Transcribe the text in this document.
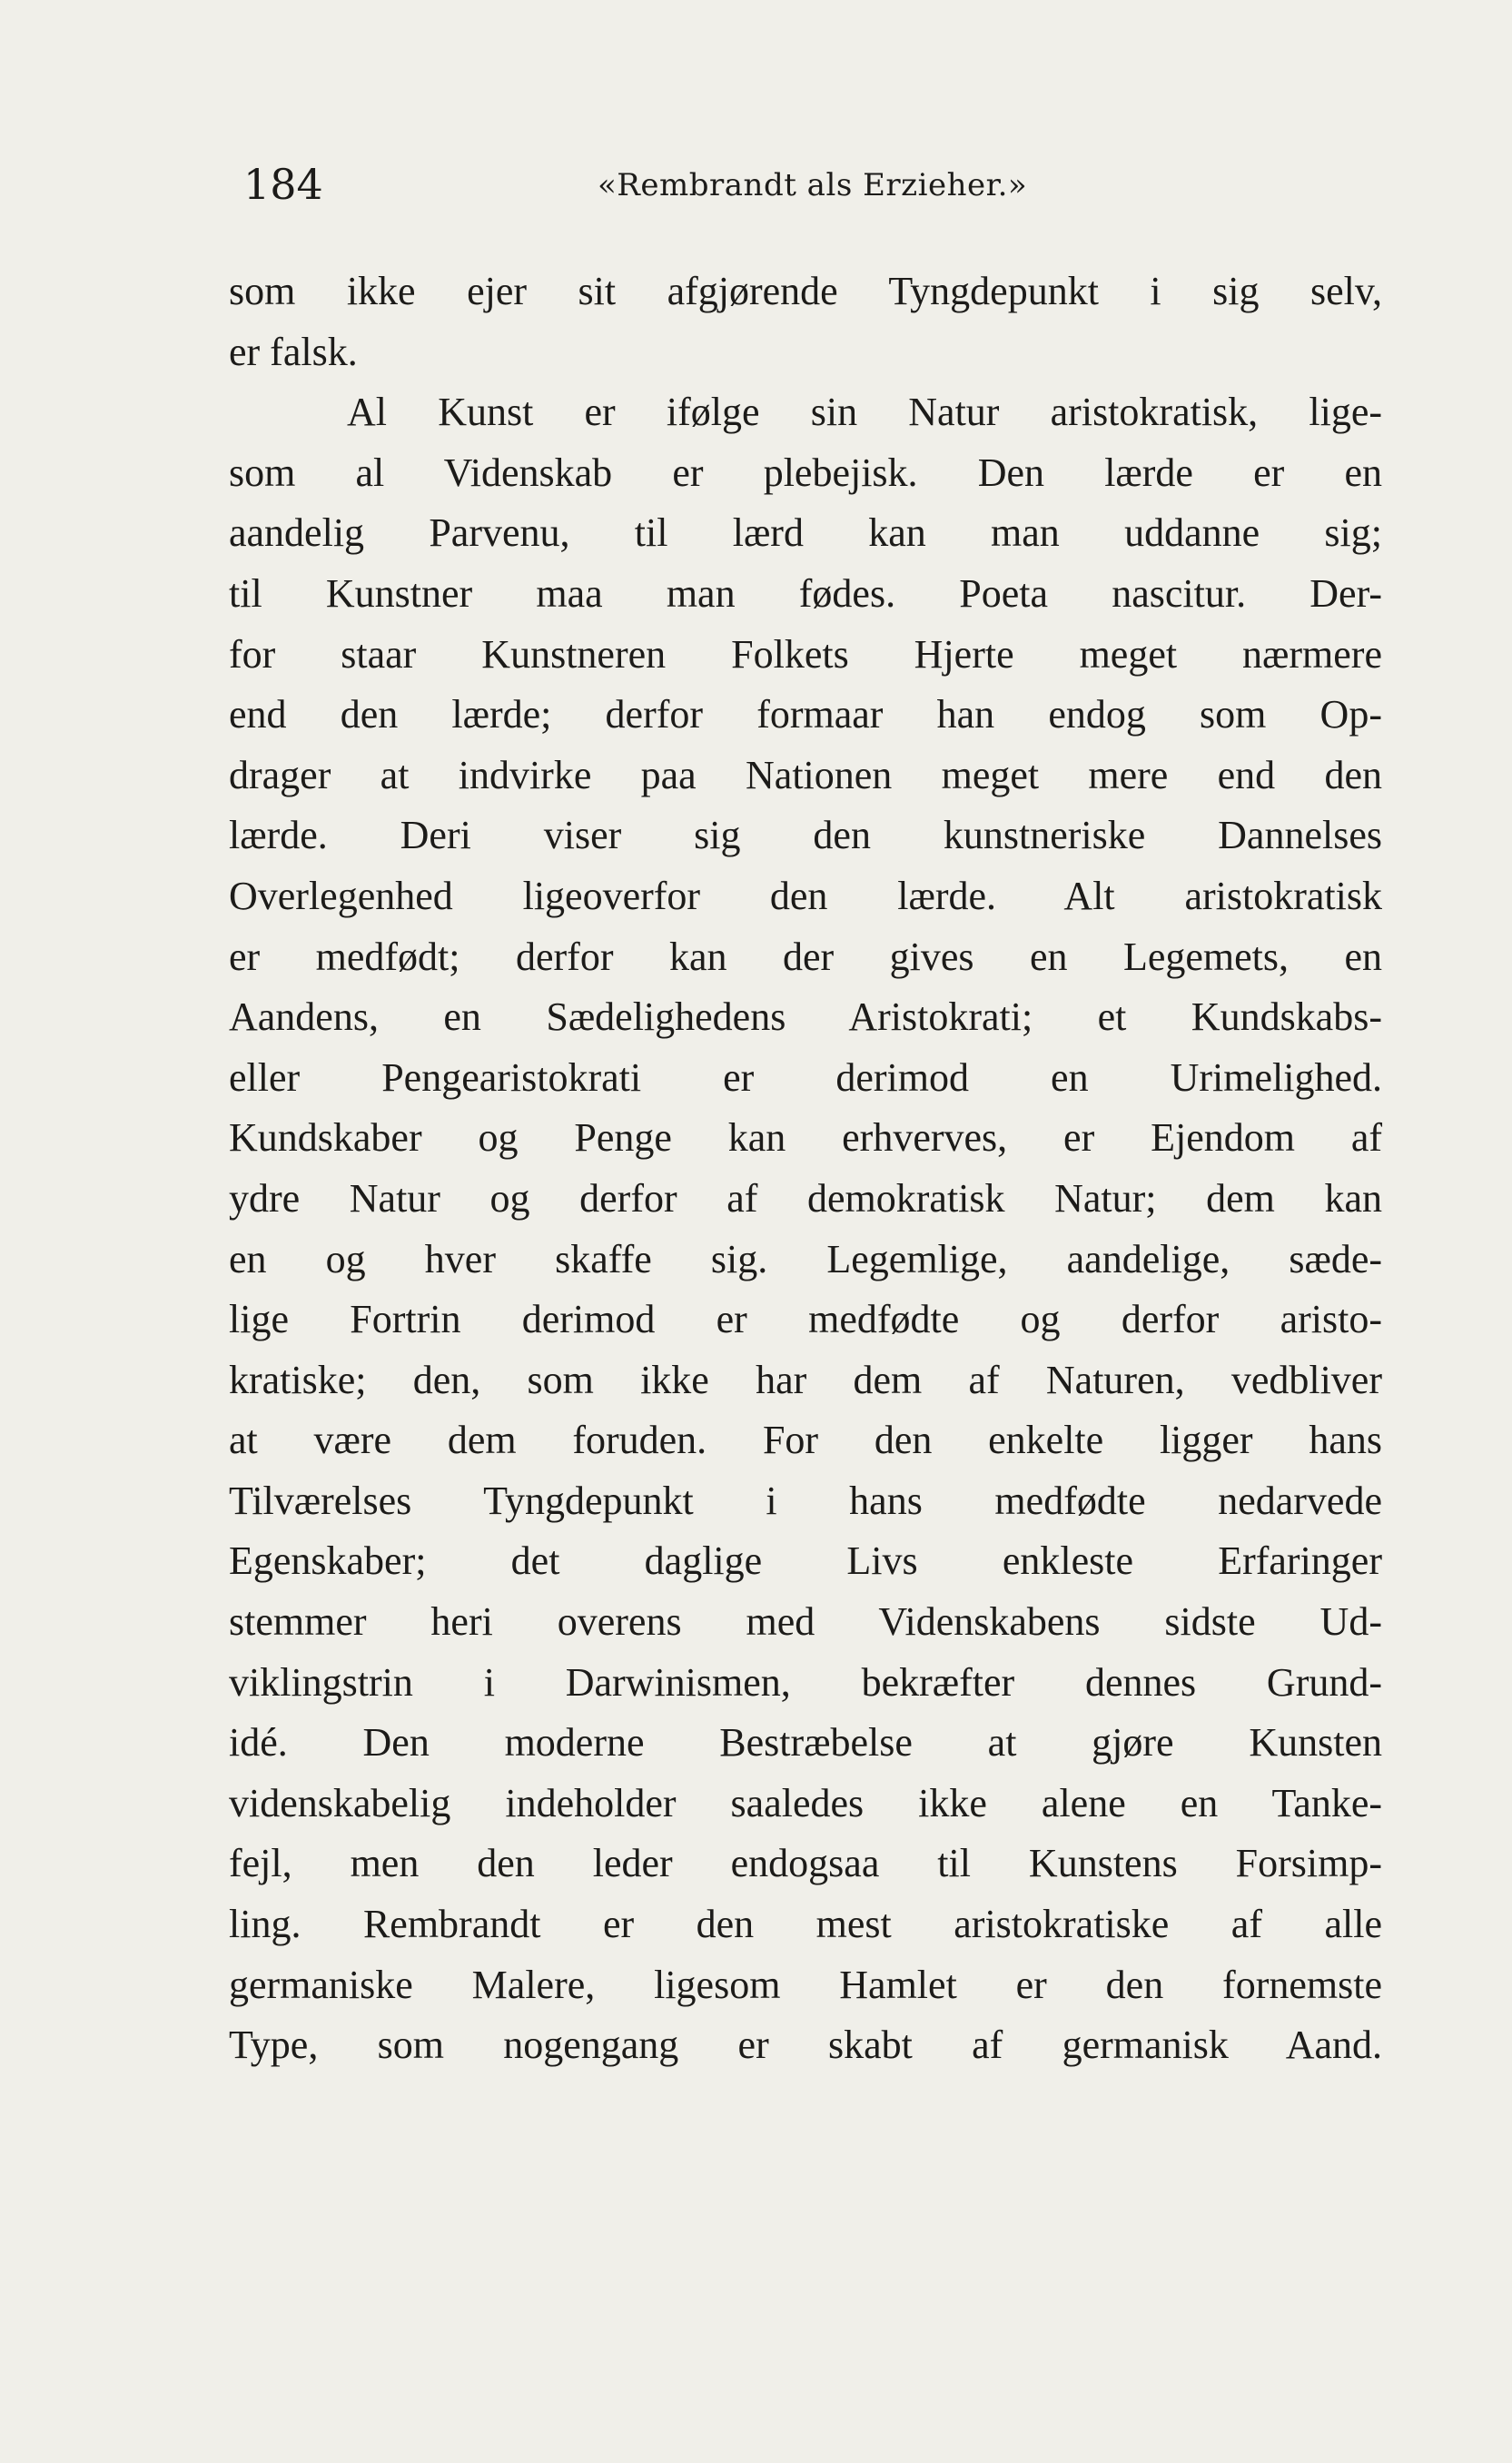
184	«Rembrandt als Erzieher.»
som ikke ejer sit afgjørende Tyngdepunkt i sig selv,
er falsk.
Al Kunst er ifølge sin Natur aristokratisk, lige-
som al Videnskab er plebejisk. Den lærde er en
aandelig Parvenu, til lærd kan man uddanne sig;
til Kunstner maa man fødes. Poeta nascitur. Der-
for staar Kunstneren Folkets Hjerte meget nærmere
end den lærde; derfor formaar han endog som Op-
drager at indvirke paa Nationen meget mere end den
lærde. Deri viser sig den kunstneriske Dannelses
Overlegenhed ligeoverfor den lærde. Alt aristokratisk
er medfødt; derfor kan der gives en Legemets, en
Aandens, en Sædelighedens Aristokrati; et Kundskabs-
eller Pengearistokrati er derimod en Urimelighed.
Kundskaber og Penge kan erhverves, er Ejendom af
ydre Natur og derfor af demokratisk Natur; dem kan
en og hver skaffe sig. Legemlige, aandelige, sæde-
lige Fortrin derimod er medfødte og derfor aristo-
kratiske; den, som ikke har dem af Naturen, vedbliver
at være dem foruden. For den enkelte ligger hans
Tilværelses Tyngdepunkt i hans medfødte nedarvede
Egenskaber; det daglige Livs enkleste Erfaringer
stemmer heri overens med Videnskabens sidste Ud-
viklingstrin i Darwinismen, bekræfter dennes Grund-
idé. Den moderne Bestræbelse at gjøre Kunsten
videnskabelig indeholder saaledes ikke alene en Tanke-
fejl, men den leder endogsaa til Kunstens Forsimp-
ling. Rembrandt er den mest aristokratiske af alle
germaniske Malere, ligesom Hamlet er den fornemste
Type, som nogengang er skabt af germanisk Aand.
